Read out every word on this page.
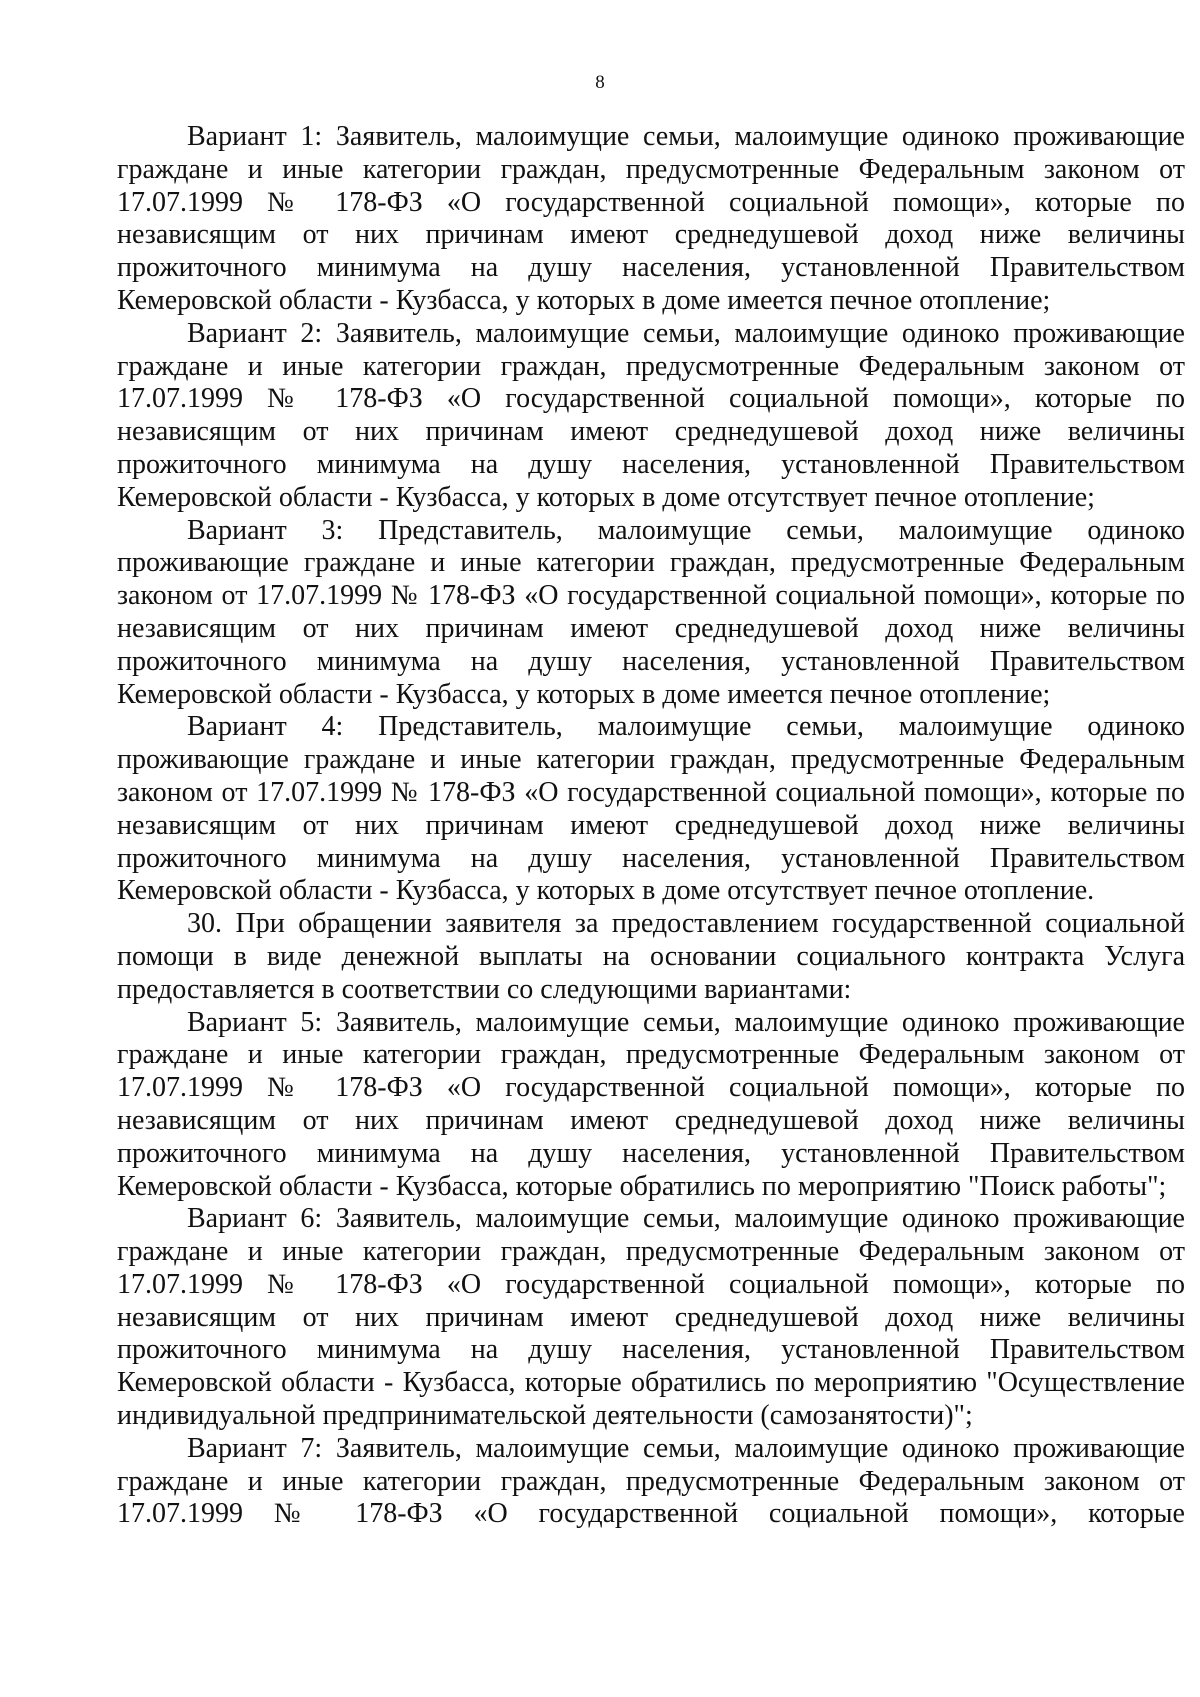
8

Вариант 1: Заявитель, малоимущие семьи, малоимущие одиноко проживающие граждане и иные категории граждан, предусмотренные Федеральным законом от 17.07.1999 № 178-ФЗ «О государственной социальной помощи», которые по независящим от них причинам имеют среднедушевой доход ниже величины прожиточного минимума на душу населения, установленной Правительством Кемеровской области - Кузбасса, у которых в доме имеется печное отопление;

Вариант 2: Заявитель, малоимущие семьи, малоимущие одиноко проживающие граждане и иные категории граждан, предусмотренные Федеральным законом от 17.07.1999 № 178-ФЗ «О государственной социальной помощи», которые по независящим от них причинам имеют среднедушевой доход ниже величины прожиточного минимума на душу населения, установленной Правительством Кемеровской области - Кузбасса, у которых в доме отсутствует печное отопление;

Вариант 3: Представитель, малоимущие семьи, малоимущие одиноко проживающие граждане и иные категории граждан, предусмотренные Федеральным законом от 17.07.1999 № 178-ФЗ «О государственной социальной помощи», которые по независящим от них причинам имеют среднедушевой доход ниже величины прожиточного минимума на душу населения, установленной Правительством Кемеровской области - Кузбасса, у которых в доме имеется печное отопление;

Вариант 4: Представитель, малоимущие семьи, малоимущие одиноко проживающие граждане и иные категории граждан, предусмотренные Федеральным законом от 17.07.1999 № 178-ФЗ «О государственной социальной помощи», которые по независящим от них причинам имеют среднедушевой доход ниже величины прожиточного минимума на душу населения, установленной Правительством Кемеровской области - Кузбасса, у которых в доме отсутствует печное отопление.

30. При обращении заявителя за предоставлением государственной социальной помощи в виде денежной выплаты на основании социального контракта Услуга предоставляется в соответствии со следующими вариантами:

Вариант 5: Заявитель, малоимущие семьи, малоимущие одиноко проживающие граждане и иные категории граждан, предусмотренные Федеральным законом от 17.07.1999 № 178-ФЗ «О государственной социальной помощи», которые по независящим от них причинам имеют среднедушевой доход ниже величины прожиточного минимума на душу населения, установленной Правительством Кемеровской области - Кузбасса, которые обратились по мероприятию "Поиск работы";

Вариант 6: Заявитель, малоимущие семьи, малоимущие одиноко проживающие граждане и иные категории граждан, предусмотренные Федеральным законом от 17.07.1999 № 178-ФЗ «О государственной социальной помощи», которые по независящим от них причинам имеют среднедушевой доход ниже величины прожиточного минимума на душу населения, установленной Правительством Кемеровской области - Кузбасса, которые обратились по мероприятию "Осуществление индивидуальной предпринимательской деятельности (самозанятости)";

Вариант 7: Заявитель, малоимущие семьи, малоимущие одиноко проживающие граждане и иные категории граждан, предусмотренные Федеральным законом от 17.07.1999 № 178-ФЗ «О государственной социальной помощи», которые
